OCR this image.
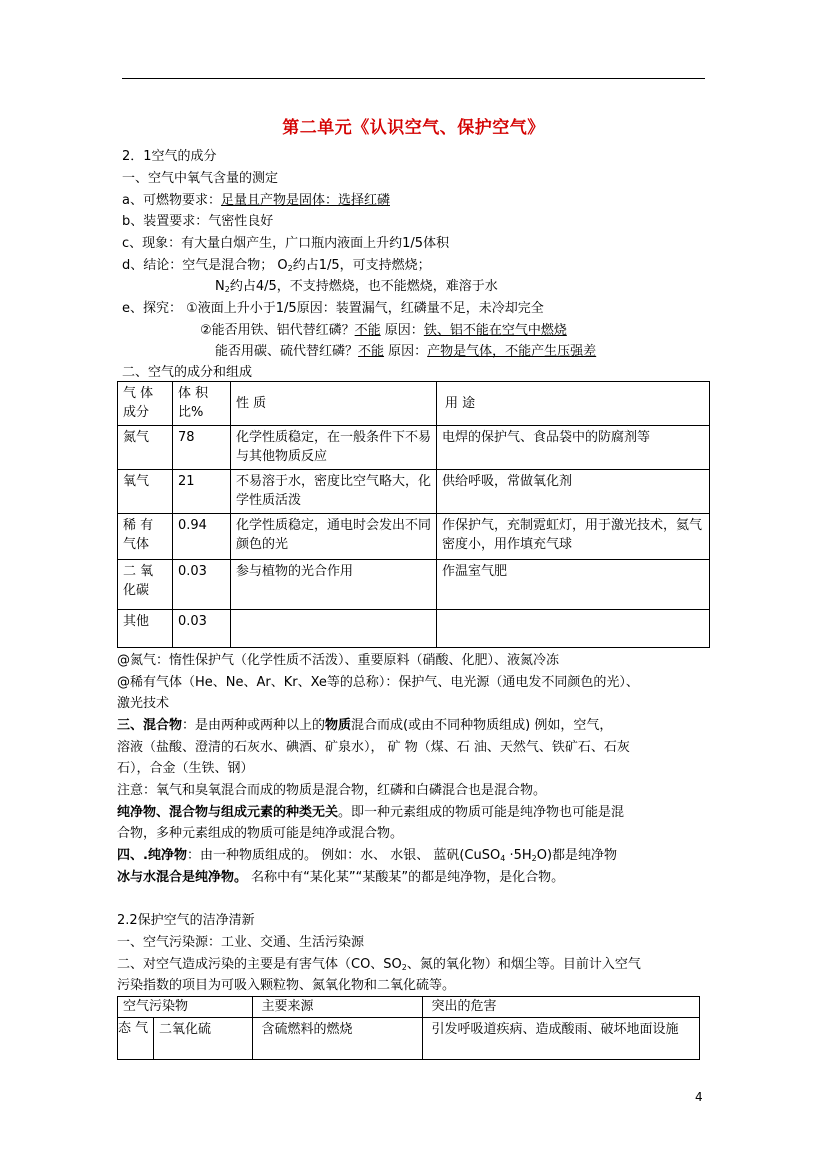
第二单元《认识空气、保护空气》
2．1空气的成分
一、空气中氧气含量的测定
a、可燃物要求：足量且产物是固体：选择红磷
b、装置要求：气密性良好
c、现象：有大量白烟产生，广口瓶内液面上升约1/5体积
d、结论：空气是混合物； $O_2$约占1/5，可支持燃烧；
$N_2$约占4/5，不支持燃烧，也不能燃烧，难溶于水
e、探究： ①液面上升小于1/5原因：装置漏气，红磷量不足，未冷却完全
②能否用铁、铝代替红磷？不能 原因：铁、铝不能在空气中燃烧
能否用碳、硫代替红磷？不能 原因：产物是气体，不能产生压强差
二、空气的成分和组成
气 体 成分	体 积 比%	性 质	用 途
氮气	78	化学性质稳定，在一般条件下不易与其他物质反应	电焊的保护气、食品袋中的防腐剂等
氧气	21	不易溶于水，密度比空气略大，化学性质活泼	供给呼吸，常做氧化剂
稀 有 气体	0.94	化学性质稳定，通电时会发出不同颜色的光	作保护气，充制霓虹灯，用于激光技术，氦气密度小，用作填充气球
二 氧 化碳	0.03	参与植物的光合作用	作温室气肥
其他	0.03		
@氮气：惰性保护气（化学性质不活泼）、重要原料（硝酸、化肥）、液氮冷冻
@稀有气体（He、Ne、Ar、Kr、Xe等的总称）：保护气、电光源（通电发不同颜色的光）、
激光技术
三、混合物：是由两种或两种以上的物质混合而成(或由不同种物质组成) 例如，空气，
溶液（盐酸、澄清的石灰水、碘酒、矿泉水）， 矿 物（煤、石 油、天然气、铁矿石、石灰
石），合金（生铁、钢）
注意：氧气和臭氧混合而成的物质是混合物，红磷和白磷混合也是混合物。
纯净物、混合物与组成元素的种类无关。即一种元素组成的物质可能是纯净物也可能是混
合物，多种元素组成的物质可能是纯净或混合物。
四、.纯净物：由一种物质组成的。 例如：水、 水银、 蓝矾(CuSO$_4$ $\cdot 5H_2O$)都是纯净物
冰与水混合是纯净物。 名称中有“某化某”“某酸某”的都是纯净物，是化合物。
2.2保护空气的洁净清新
一、空气污染源：工业、交通、生活污染源
二、对空气造成污染的主要是有害气体（CO、$SO_2$、氮的氧化物）和烟尘等。目前计入空气
污染指数的项目为可吸入颗粒物、氮氧化物和二氧化硫等。
空气污染物		主要来源	突出的危害
态 气	二氧化硫	含硫燃料的燃烧	引发呼吸道疾病、造成酸雨、破坏地面设施
4
